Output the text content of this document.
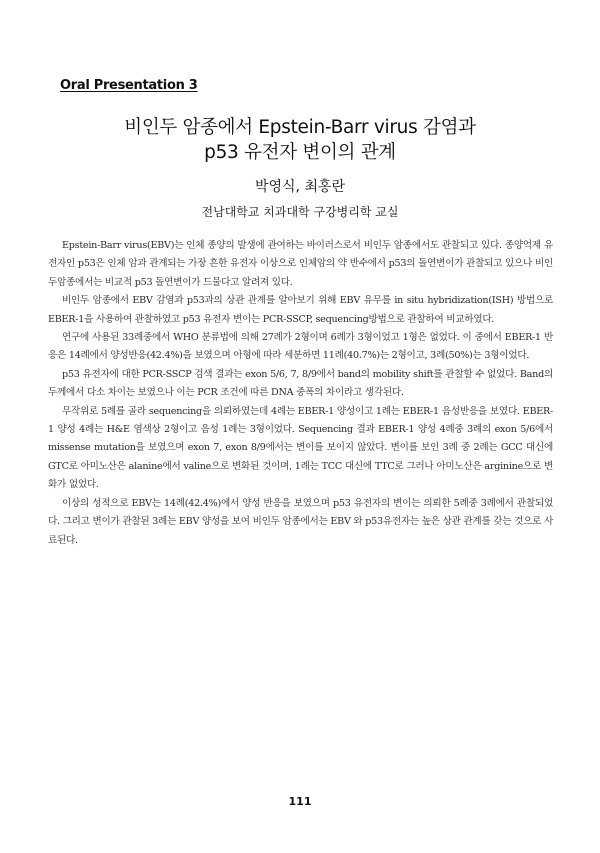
Oral Presentation 3
비인두 암종에서 Epstein-Barr virus 감염과
p53 유전자 변이의 관계
박영식, 최홍란
전남대학교 치과대학 구강병리학 교실

Epstein-Barr virus(EBV)는 인체 종양의 발생에 관여하는 바이러스로서 비인두 암종에서도 관찰되고 있다. 종양억제 유전자인 p53은 인체 암과 관계되는 가장 흔한 유전자 이상으로 인체암의 약 반수에서 p53의 돌연변이가 관찰되고 있으나 비인두암종에서는 비교적 p53 돌연변이가 드물다고 알려져 있다.

비인두 암종에서 EBV 감염과 p53과의 상관 관계를 알아보기 위해 EBV 유무를 in situ hybridization(ISH) 방법으로 EBER-1을 사용하여 관찰하였고 p53 유전자 변이는 PCR-SSCP, sequencing방법으로 관찰하여 비교하였다.

연구에 사용된 33례중에서 WHO 분류법에 의해 27례가 2형이며 6례가 3형이었고 1형은 없었다. 이 중에서 EBER-1 반응은 14례에서 양성반응(42.4%)을 보였으며 아형에 따라 세분하면 11례(40.7%)는 2형이고, 3례(50%)는 3형이었다.

p53 유전자에 대한 PCR-SSCP 검색 결과는 exon 5/6, 7, 8/9에서 band의 mobility shift를 관찰할 수 없었다. Band의 두께에서 다소 차이는 보였으나 이는 PCR 조건에 따른 DNA 중폭의 차이라고 생각된다.

무작위로 5례를 골라 sequencing을 의뢰하였는데 4례는 EBER-1 양성이고 1례는 EBER-1 음성반응을 보였다. EBER-1 양성 4례는 H&E 염색상 2형이고 음성 1례는 3형이었다. Sequencing 결과 EBER-1 양성 4례중 3례의 exon 5/6에서 missense mutation을 보였으며 exon 7, exon 8/9에서는 변이를 보이지 않았다. 변이를 보인 3례 중 2례는 GCC 대신에 GTC로 아미노산은 alanine에서 valine으로 변화된 것이며, 1례는 TCC 대신에 TTC로 그러나 아미노산은 arginine으로 변화가 없었다.

이상의 성적으로 EBV는 14례(42.4%)에서 양성 반응을 보였으며 p53 유전자의 변이는 의뢰한 5례중 3례에서 관찰되었다. 그리고 변이가 관찰된 3례는 EBV 양성을 보여 비인두 암종에서는 EBV 와 p53유전자는 높은 상관 관계를 갖는 것으로 사료된다.

111
